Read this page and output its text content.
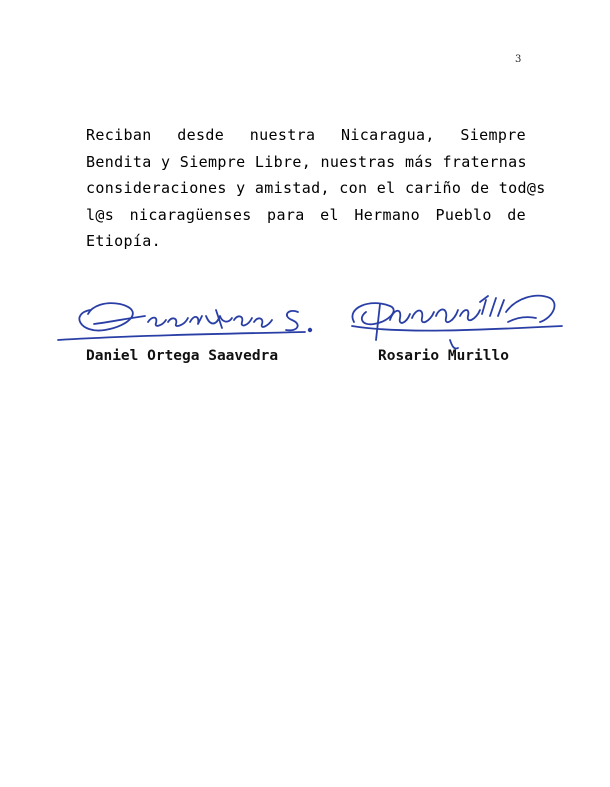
3
Reciban desde nuestra Nicaragua, Siempre
Bendita y Siempre Libre, nuestras más fraternas
consideraciones y amistad, con el cariño de tod@s
l@s nicaragüenses para el Hermano Pueblo de
Etiopía.
Daniel Ortega Saavedra	Rosario Murillo
